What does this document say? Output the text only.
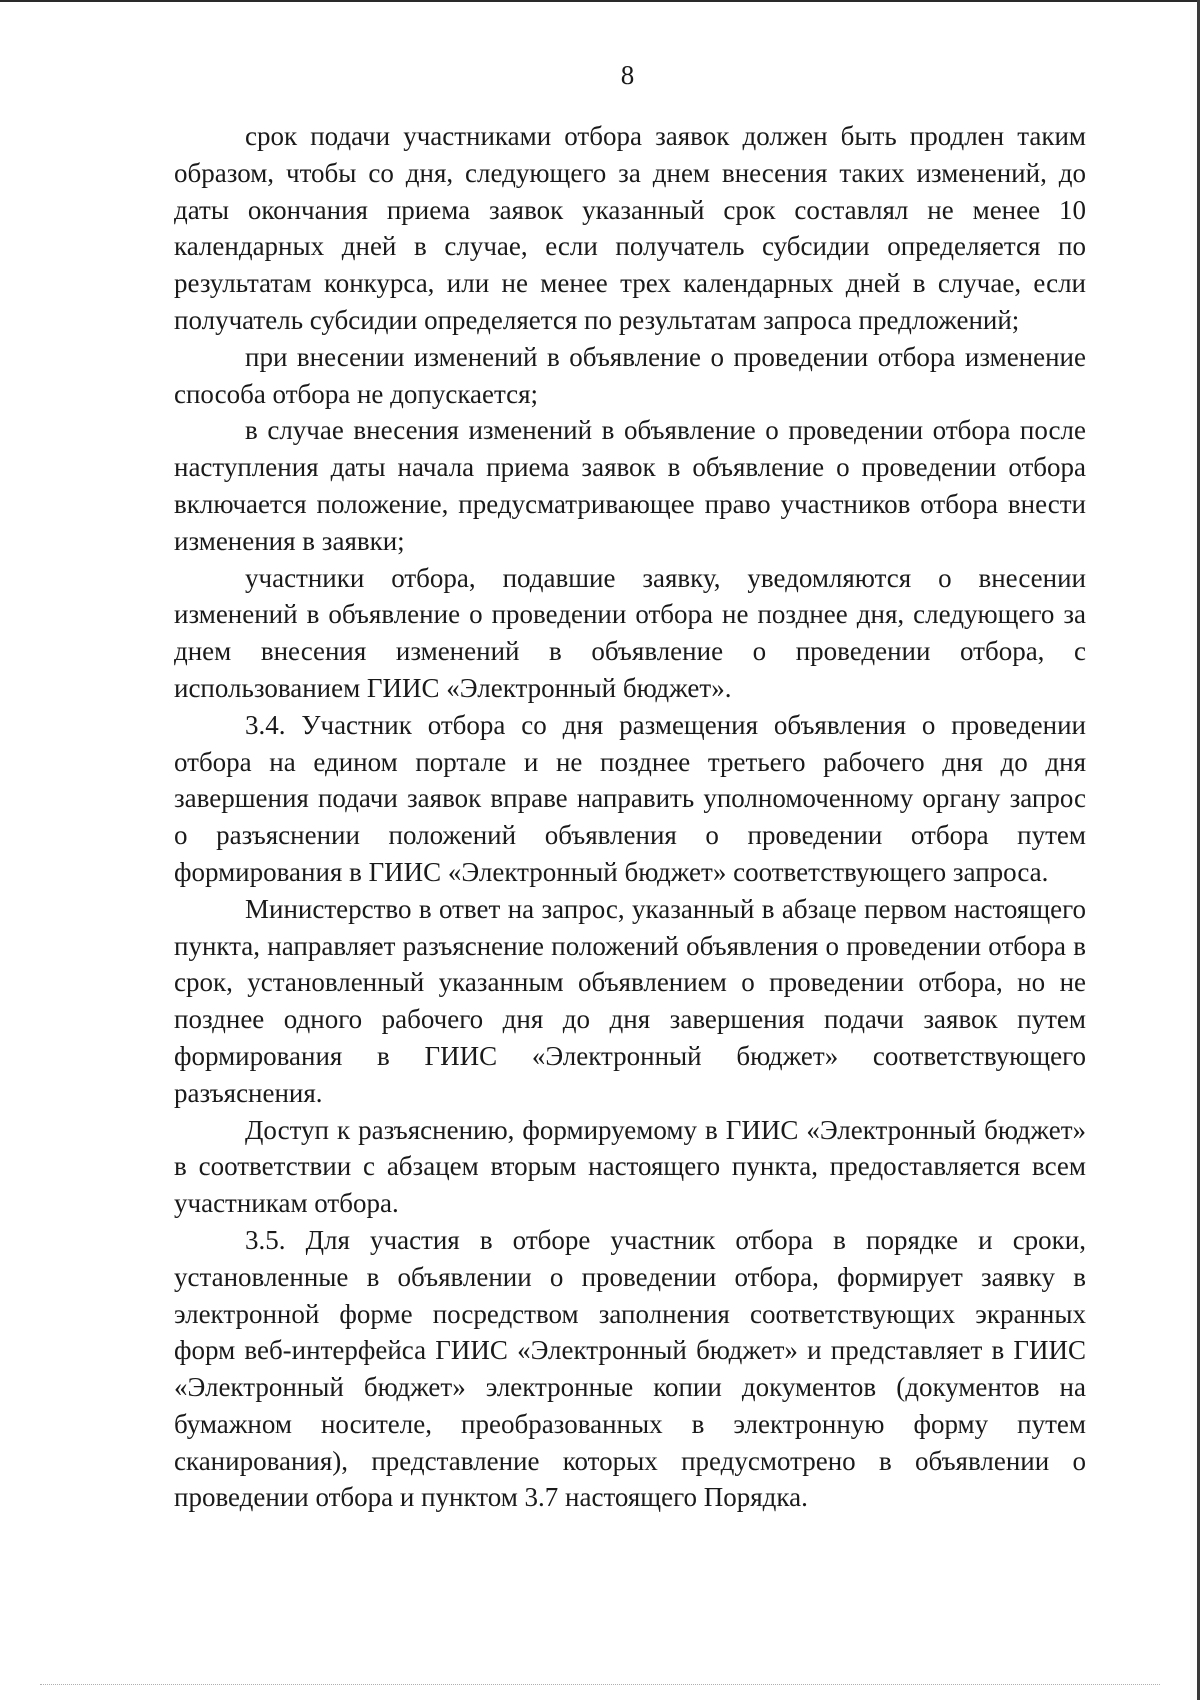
8

срок подачи участниками отбора заявок должен быть продлен таким образом, чтобы со дня, следующего за днем внесения таких изменений, до даты окончания приема заявок указанный срок составлял не менее 10 календарных дней в случае, если получатель субсидии определяется по результатам конкурса, или не менее трех календарных дней в случае, если получатель субсидии определяется по результатам запроса предложений;

при внесении изменений в объявление о проведении отбора изменение способа отбора не допускается;

в случае внесения изменений в объявление о проведении отбора после наступления даты начала приема заявок в объявление о проведении отбора включается положение, предусматривающее право участников отбора внести изменения в заявки;

участники отбора, подавшие заявку, уведомляются о внесении изменений в объявление о проведении отбора не позднее дня, следующего за днем внесения изменений в объявление о проведении отбора, с использованием ГИИС «Электронный бюджет».

3.4. Участник отбора со дня размещения объявления о проведении отбора на едином портале и не позднее третьего рабочего дня до дня завершения подачи заявок вправе направить уполномоченному органу запрос о разъяснении положений объявления о проведении отбора путем формирования в ГИИС «Электронный бюджет» соответствующего запроса.

Министерство в ответ на запрос, указанный в абзаце первом настоящего пункта, направляет разъяснение положений объявления о проведении отбора в срок, установленный указанным объявлением о проведении отбора, но не позднее одного рабочего дня до дня завершения подачи заявок путем формирования в ГИИС «Электронный бюджет» соответствующего разъяснения.

Доступ к разъяснению, формируемому в ГИИС «Электронный бюджет» в соответствии с абзацем вторым настоящего пункта, предоставляется всем участникам отбора.

3.5. Для участия в отборе участник отбора в порядке и сроки, установленные в объявлении о проведении отбора, формирует заявку в электронной форме посредством заполнения соответствующих экранных форм веб-интерфейса ГИИС «Электронный бюджет» и представляет в ГИИС «Электронный бюджет» электронные копии документов (документов на бумажном носителе, преобразованных в электронную форму путем сканирования), представление которых предусмотрено в объявлении о проведении отбора и пунктом 3.7 настоящего Порядка.
